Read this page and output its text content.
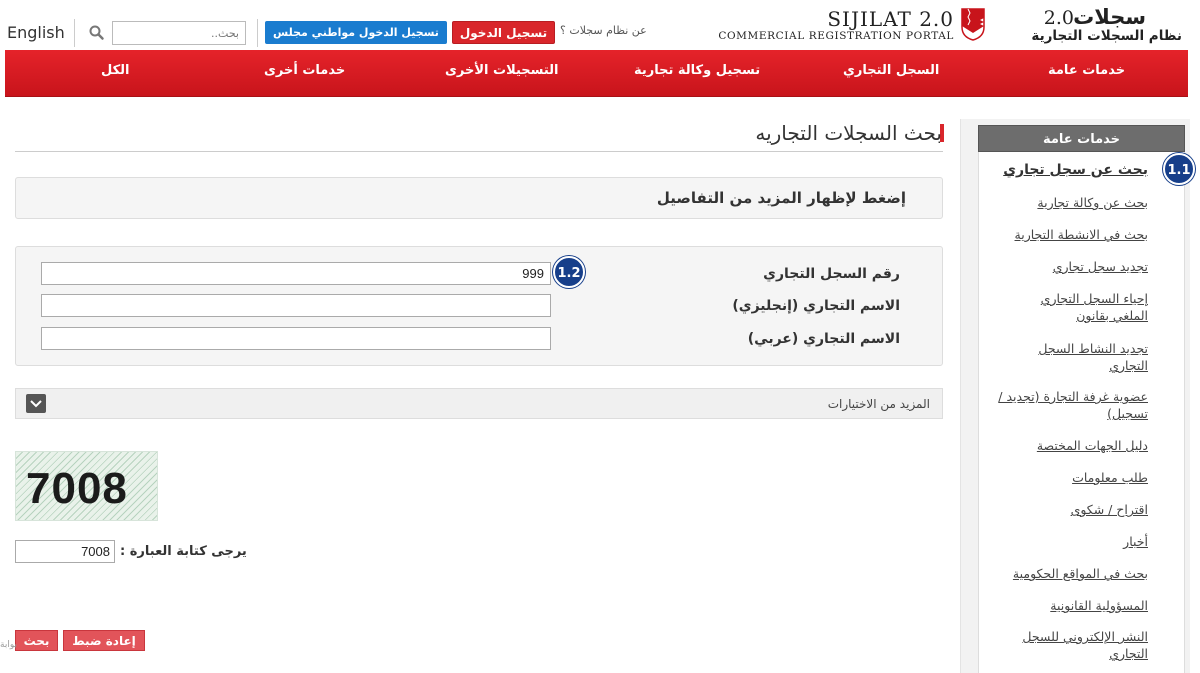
سجلات
2.0
نظام السجلات التجارية
SIJILAT 2.0
COMMERCIAL REGISTRATION PORTAL
عن نظام سجلات ؟
تسجيل الدخول
تسجيل الدخول مواطني مجلس
بحث..
English
خدمات عامة
السجل التجاري
تسجيل وكالة تجارية
التسجيلات الأخرى
خدمات أخرى
الكل
خدمات عامة
بحث عن سجل تجاري
بحث عن وكالة تجارية
بحث في الانشطة التجارية
تجديد سجل تجاري
إحياء السجل التجاري الملغي بقانون
تجديد النشاط السجل التجاري
عضوية غرفة التجارة (تجديد / تسجيل)
دليل الجهات المختصة
طلب معلومات
اقتراح / شكوى
أخبار
بحث في المواقع الحكومية
المسؤولية القانونية
النشر الإلكتروني للسجل التجاري
1.1
بحث السجلات التجاريه
إضغط لإظهار المزيد من التفاصيل
رقم السجل التجاري
999
الاسم التجاري (إنجليزي)
الاسم التجاري (عربي)
1.2
المزيد من الاختيارات
7008
يرجى كتابة العبارة :
7008
إعادة ضبط
بحث
بوابة
